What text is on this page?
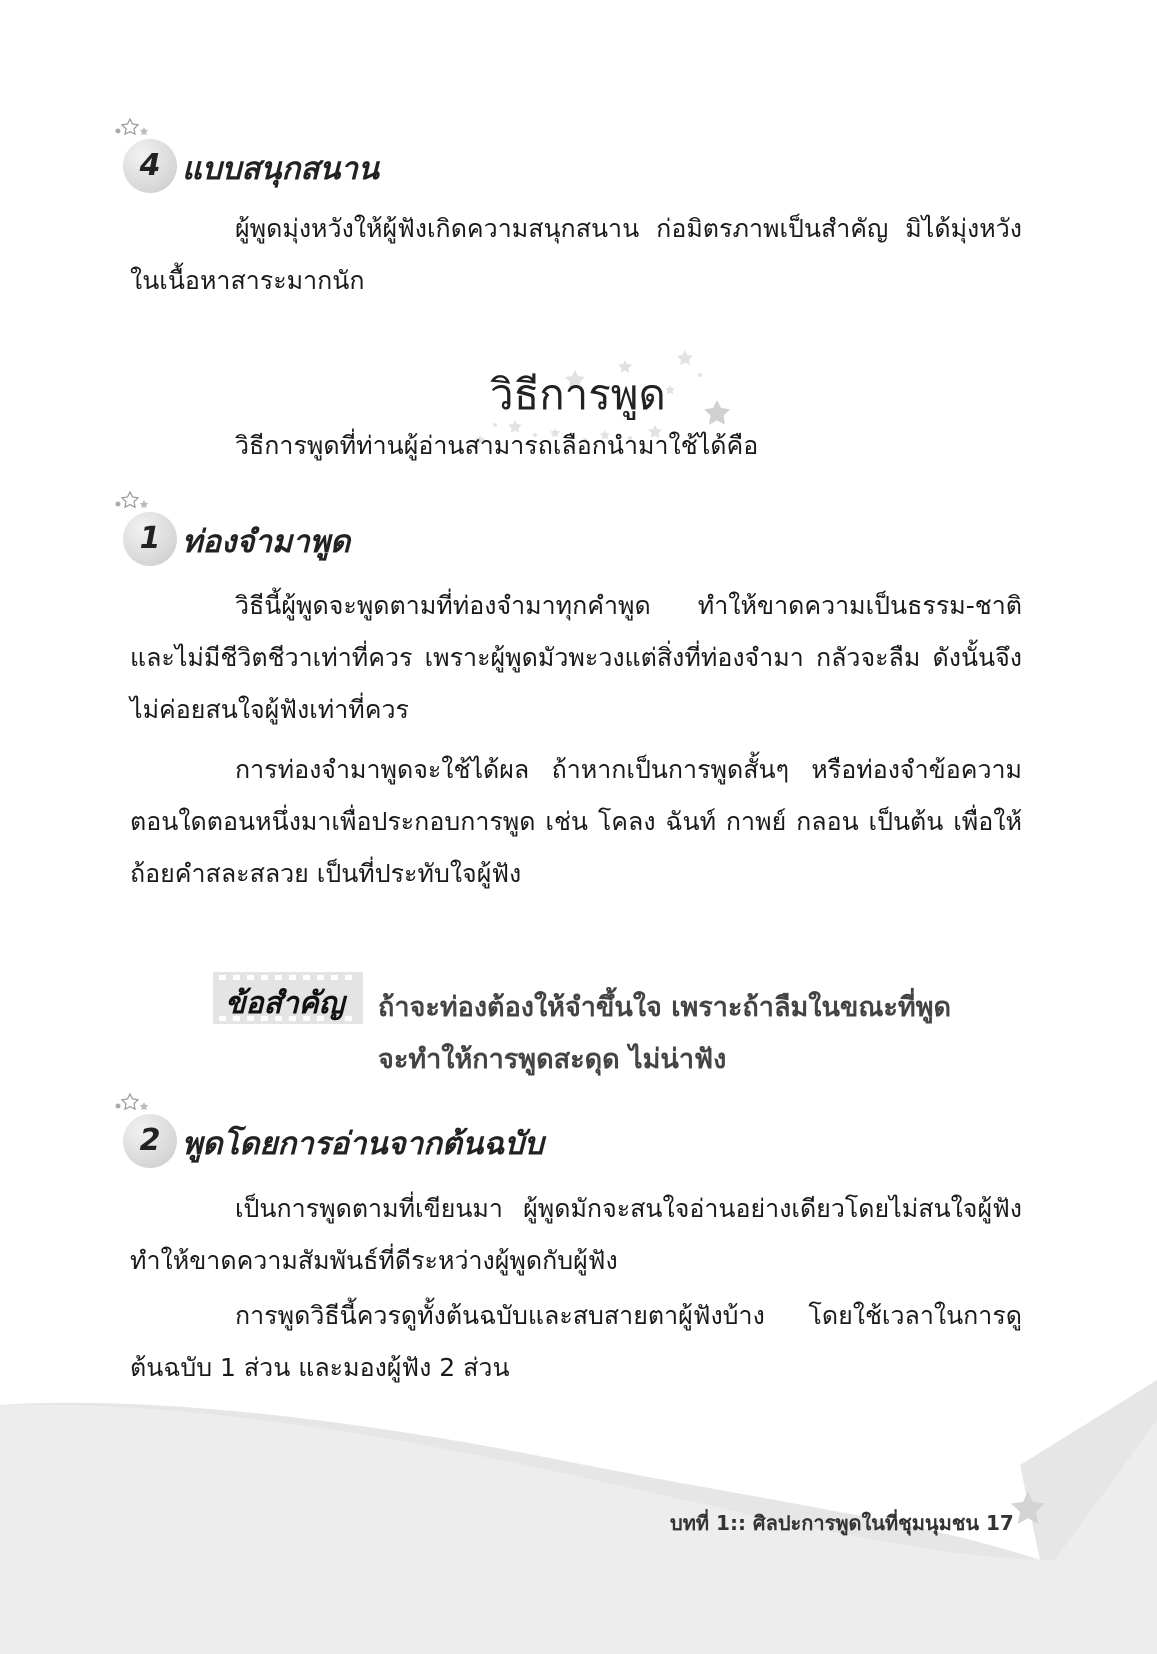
4 แบบสนุกสนาน

ผู้พูดมุ่งหวังให้ผู้ฟังเกิดความสนุกสนาน ก่อมิตรภาพเป็นสำคัญ มิได้มุ่งหวังในเนื้อหาสาระมากนัก

วิธีการพูด

วิธีการพูดที่ท่านผู้อ่านสามารถเลือกนำมาใช้ได้คือ

1 ท่องจำมาพูด

วิธีนี้ผู้พูดจะพูดตามที่ท่องจำมาทุกคำพูด ทำให้ขาดความเป็นธรรม-ชาติและไม่มีชีวิตชีวาเท่าที่ควร เพราะผู้พูดมัวพะวงแต่สิ่งที่ท่องจำมา กลัวจะลืม ดังนั้นจึงไม่ค่อยสนใจผู้ฟังเท่าที่ควร

การท่องจำมาพูดจะใช้ได้ผล ถ้าหากเป็นการพูดสั้นๆ หรือท่องจำข้อความตอนใดตอนหนึ่งมาเพื่อประกอบการพูด เช่น โคลง ฉันท์ กาพย์ กลอน เป็นต้น เพื่อให้ถ้อยคำสละสลวย เป็นที่ประทับใจผู้ฟัง

ข้อสำคัญ ถ้าจะท่องต้องให้จำขึ้นใจ เพราะถ้าลืมในขณะที่พูด
จะทำให้การพูดสะดุด ไม่น่าฟัง

2 พูดโดยการอ่านจากต้นฉบับ

เป็นการพูดตามที่เขียนมา ผู้พูดมักจะสนใจอ่านอย่างเดียวโดยไม่สนใจผู้ฟัง ทำให้ขาดความสัมพันธ์ที่ดีระหว่างผู้พูดกับผู้ฟัง

การพูดวิธีนี้ควรดูทั้งต้นฉบับและสบสายตาผู้ฟังบ้าง โดยใช้เวลาในการดูต้นฉบับ 1 ส่วน และมองผู้ฟัง 2 ส่วน

บทที่ 1:: ศิลปะการพูดในที่ชุมนุมชน 17
